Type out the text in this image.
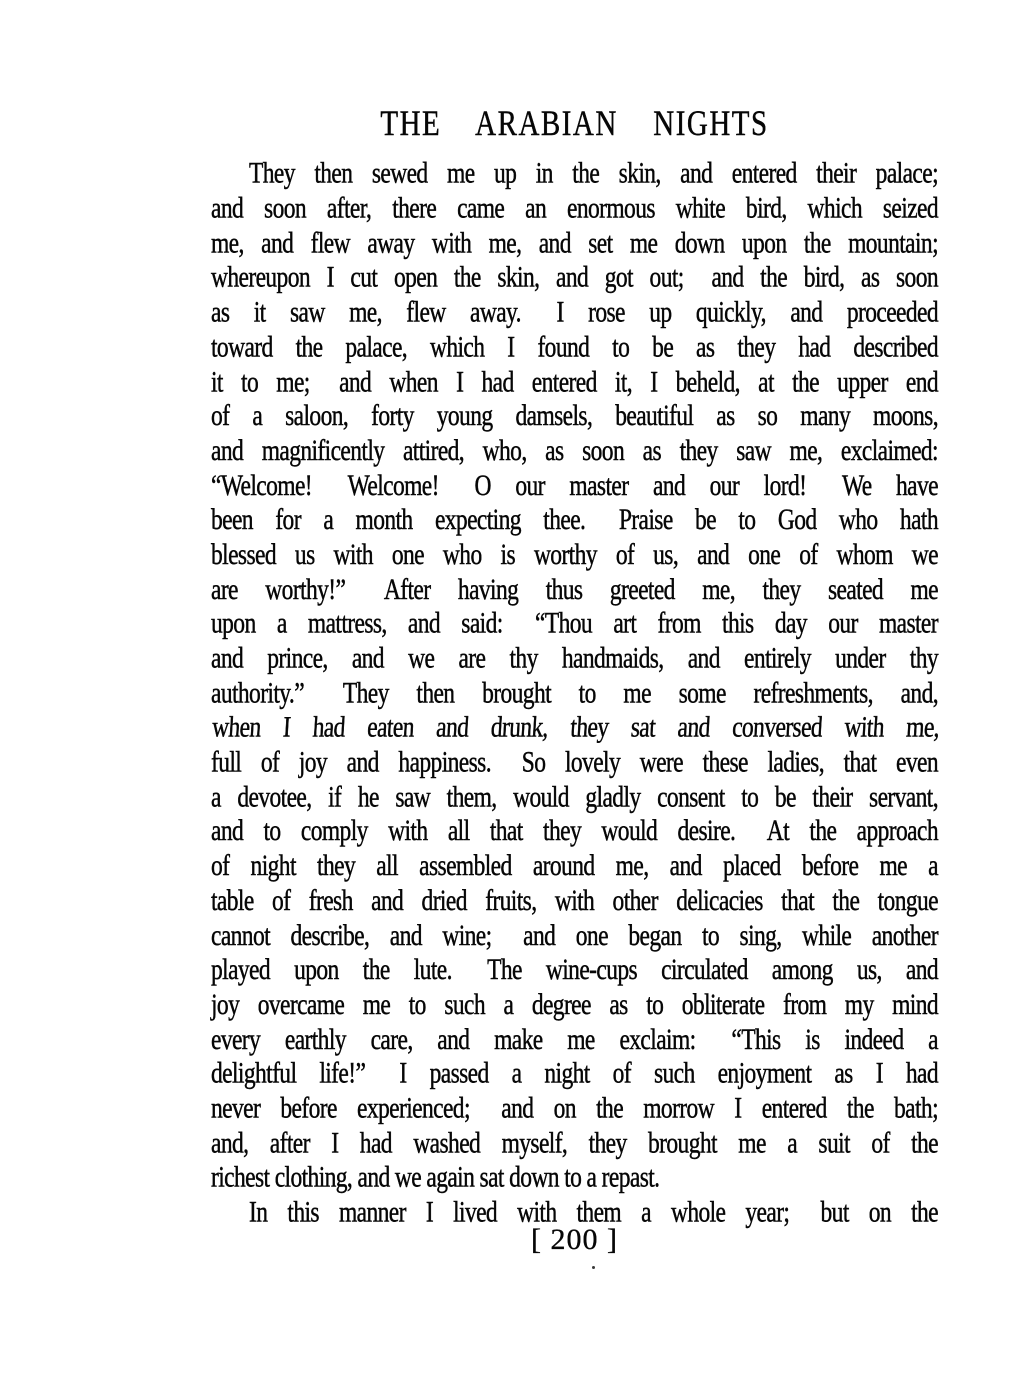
THE  ARABIAN  NIGHTS
They then sewed me up in the skin, and entered their palace;
and soon after, there came an enormous white bird, which seized
me, and flew away with me, and set me down upon the mountain;
whereupon I cut open the skin, and got out;  and the bird, as soon
as it saw me, flew away.  I rose up quickly, and proceeded
toward the palace, which I found to be as they had described
it to me;  and when I had entered it, I beheld, at the upper end
of a saloon, forty young damsels, beautiful as so many moons,
and magnificently attired, who, as soon as they saw me, exclaimed:
“Welcome!  Welcome!  O our master and our lord!  We have
been for a month expecting thee.  Praise be to God who hath
blessed us with one who is worthy of us, and one of whom we
are worthy!”  After having thus greeted me, they seated me
upon a mattress, and said:  “Thou art from this day our master
and prince, and we are thy handmaids, and entirely under thy
authority.”  They then brought to me some refreshments, and,
when I had eaten and drunk, they sat and conversed with me,
full of joy and happiness.  So lovely were these ladies, that even
a devotee, if he saw them, would gladly consent to be their servant,
and to comply with all that they would desire.  At the approach
of night they all assembled around me, and placed before me a
table of fresh and dried fruits, with other delicacies that the tongue
cannot describe, and wine;  and one began to sing, while another
played upon the lute.  The wine-cups circulated among us, and
joy overcame me to such a degree as to obliterate from my mind
every earthly care, and make me exclaim:  “This is indeed a
delightful life!”  I passed a night of such enjoyment as I had
never before experienced;  and on the morrow I entered the bath;
and, after I had washed myself, they brought me a suit of the
richest clothing, and we again sat down to a repast.
In this manner I lived with them a whole year;  but on the
[ 200 ]
